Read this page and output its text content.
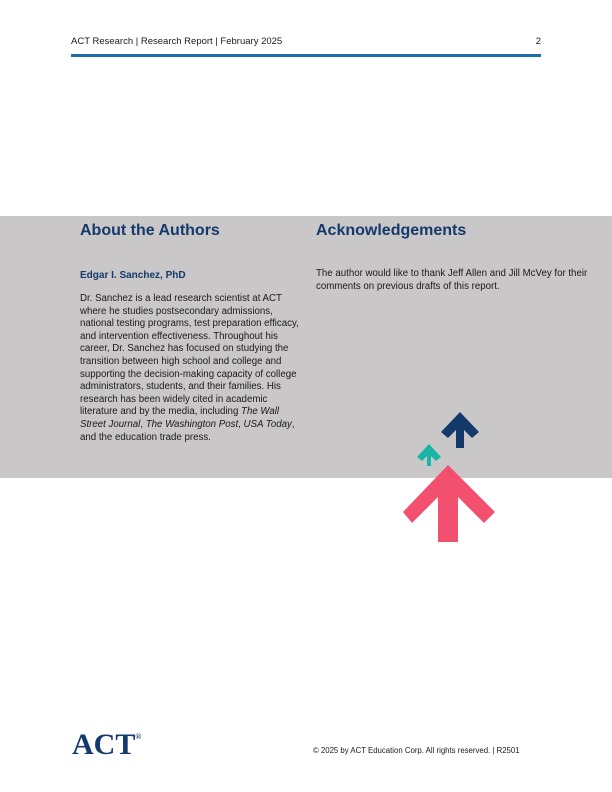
ACT Research | Research Report | February 2025	2
About the Authors

Edgar I. Sanchez, PhD

Dr. Sanchez is a lead research scientist at ACT where he studies postsecondary admissions, national testing programs, test preparation efficacy, and intervention effectiveness. Throughout his career, Dr. Sanchez has focused on studying the transition between high school and college and supporting the decision-making capacity of college administrators, students, and their families. His research has been widely cited in academic literature and by the media, including The Wall Street Journal, The Washington Post, USA Today, and the education trade press.

Acknowledgements

The author would like to thank Jeff Allen and Jill McVey for their comments on previous drafts of this report.

ACT®
© 2025 by ACT Education Corp. All rights reserved. | R2501
